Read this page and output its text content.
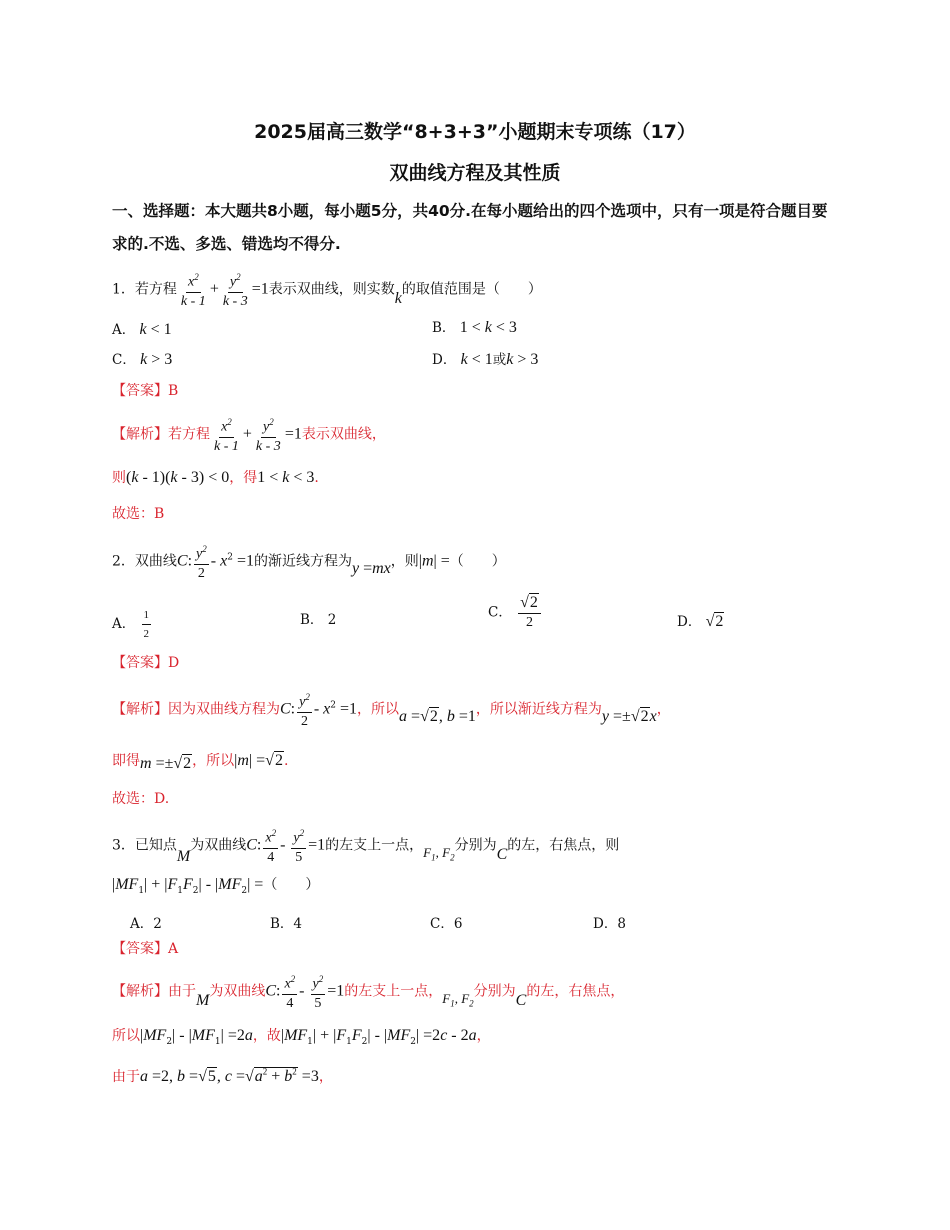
2025届高三数学“8+3+3”小题期末专项练（17）
双曲线方程及其性质
一、选择题：本大题共8小题，每小题5分，共40分.在每小题给出的四个选项中，只有一项是符合题目要求的.不选、多选、错选均不得分.
1．若方程 $\frac{x^2}{k - 1} + \frac{y^2}{k - 3} =1$表示双曲线，则实数k的取值范围是（　　）
A． k < 1	B． 1 < k < 3
C． k > 3	D． k < 1或k > 3
【答案】B
【解析】若方程 $\frac{x^2}{k - 1} + \frac{y^2}{k - 3} =1$表示双曲线，
则(k - 1)(k - 3) < 0，得1 < k < 3.
故选：B
2．双曲线C: $\frac{y^2}{2} - x^2 =1$的渐近线方程为y =mx，则|m| =（　　）
A． $\frac{1}{2}$	B． 2	C． $\frac{√2}{2}$	D． √2
【答案】D
【解析】因为双曲线方程为C: $\frac{y^2}{2} - x^2 =1$，所以a =√2, b =1，所以渐近线方程为y =±√2x，
即得m =±√2，所以|m| =√2.
故选：D.
3．已知点M为双曲线C: $\frac{x^2}{4} - \frac{y^2}{5} =1$的左支上一点，$F_1$, $F_2$分别为C的左，右焦点，则
$|MF_1| + |F_1F_2| - |MF_2|$ =（　　）
A．2	B．4	C．6	D．8
【答案】A
【解析】由于M为双曲线C: $\frac{x^2}{4} - \frac{y^2}{5} =1$的左支上一点，$F_1$, $F_2$分别为C的左，右焦点，
所以$|MF_2| - |MF_1| =2a$，故$|MF_1| + |F_1F_2| - |MF_2| =2c - 2a$，
由于a =2, b =√5, $c =√a^2 + b^2 =3$，
